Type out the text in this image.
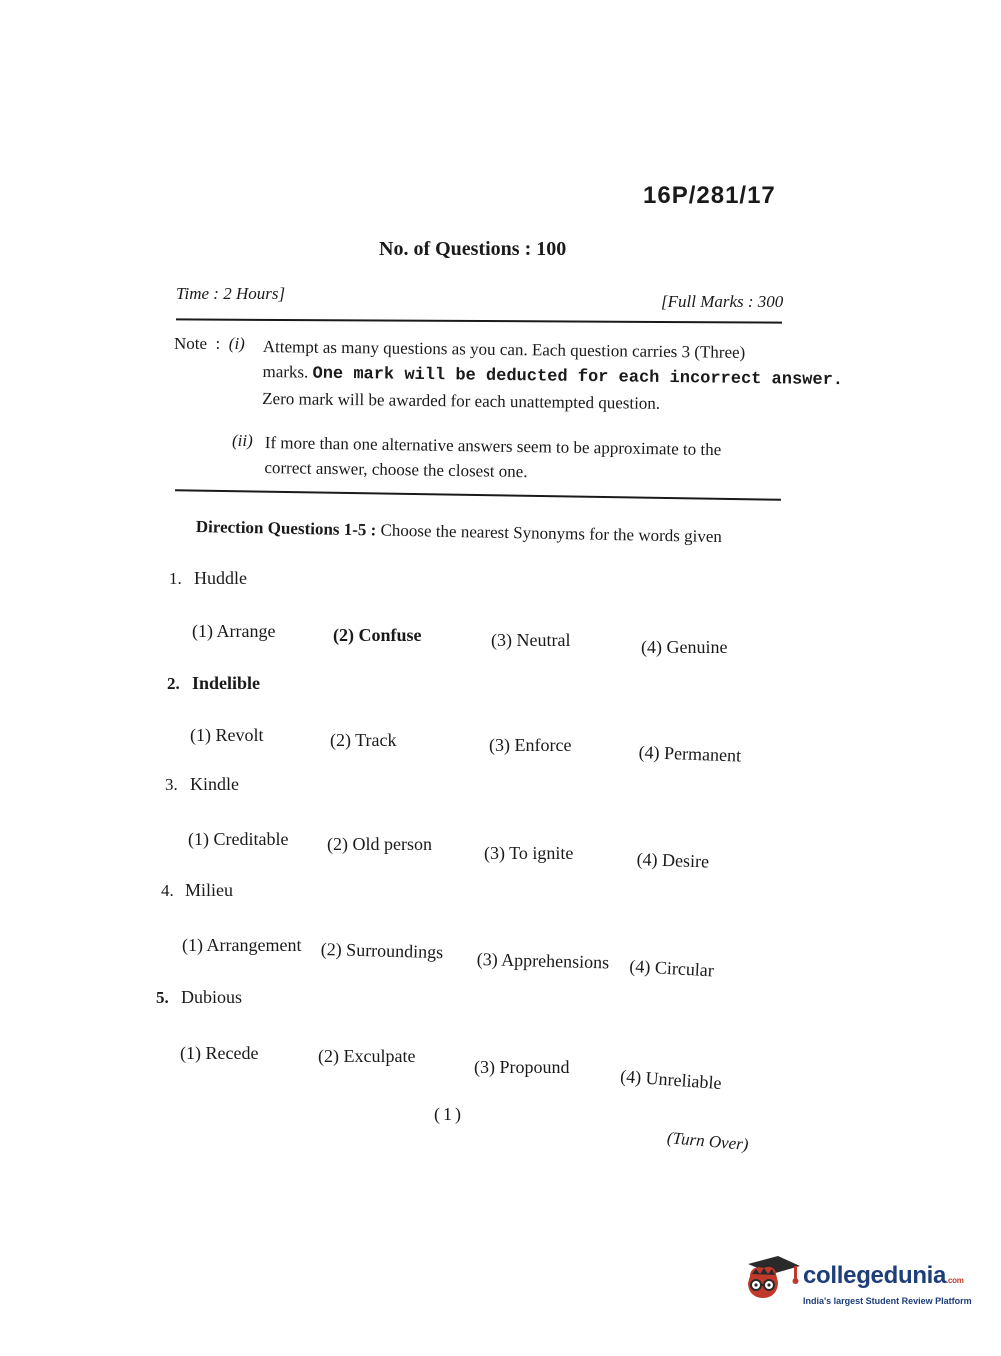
16P/281/17
No. of Questions : 100
Time : 2 Hours]	[Full Marks : 300
Note : (i) Attempt as many questions as you can. Each question carries 3 (Three)
marks. One mark will be deducted for each incorrect answer.
Zero mark will be awarded for each unattempted question.
(ii) If more than one alternative answers seem to be approximate to the
correct answer, choose the closest one.
Direction Questions 1-5 : Choose the nearest Synonyms for the words given
1. Huddle
(1) Arrange	(2) Confuse	(3) Neutral	(4) Genuine
2. Indelible
(1) Revolt	(2) Track	(3) Enforce	(4) Permanent
3. Kindle
(1) Creditable (2) Old person	(3) To ignite	(4) Desire
4. Milieu
(1) Arrangement (2) Surroundings (3) Apprehensions (4) Circular
5. Dubious
(1) Recede	(2) Exculpate
(3) Propound	(4) Unreliable
(1)
(Turn Over)
collegedunia.com
India's largest Student Review Platform
